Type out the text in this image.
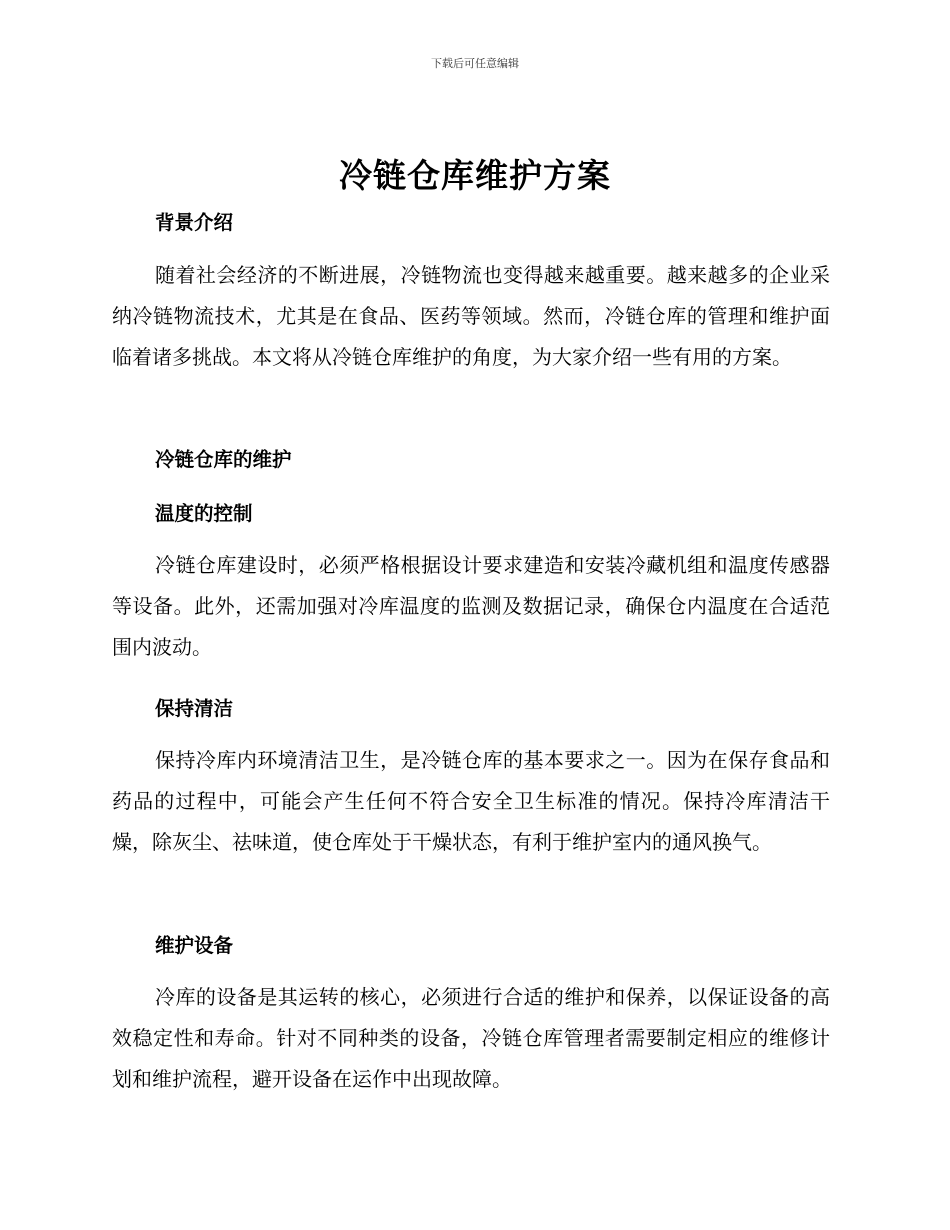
下载后可任意编辑
冷链仓库维护方案
背景介绍
随着社会经济的不断进展，冷链物流也变得越来越重要。越来越多的企业采纳冷链物流技术，尤其是在食品、医药等领域。然而，冷链仓库的管理和维护面临着诸多挑战。本文将从冷链仓库维护的角度，为大家介绍一些有用的方案。
冷链仓库的维护
温度的控制
冷链仓库建设时，必须严格根据设计要求建造和安装冷藏机组和温度传感器等设备。此外，还需加强对冷库温度的监测及数据记录，确保仓内温度在合适范围内波动。
保持清洁
保持冷库内环境清洁卫生，是冷链仓库的基本要求之一。因为在保存食品和药品的过程中，可能会产生任何不符合安全卫生标准的情况。保持冷库清洁干燥，除灰尘、祛味道，使仓库处于干燥状态，有利于维护室内的通风换气。
维护设备
冷库的设备是其运转的核心，必须进行合适的维护和保养，以保证设备的高效稳定性和寿命。针对不同种类的设备，冷链仓库管理者需要制定相应的维修计划和维护流程，避开设备在运作中出现故障。
